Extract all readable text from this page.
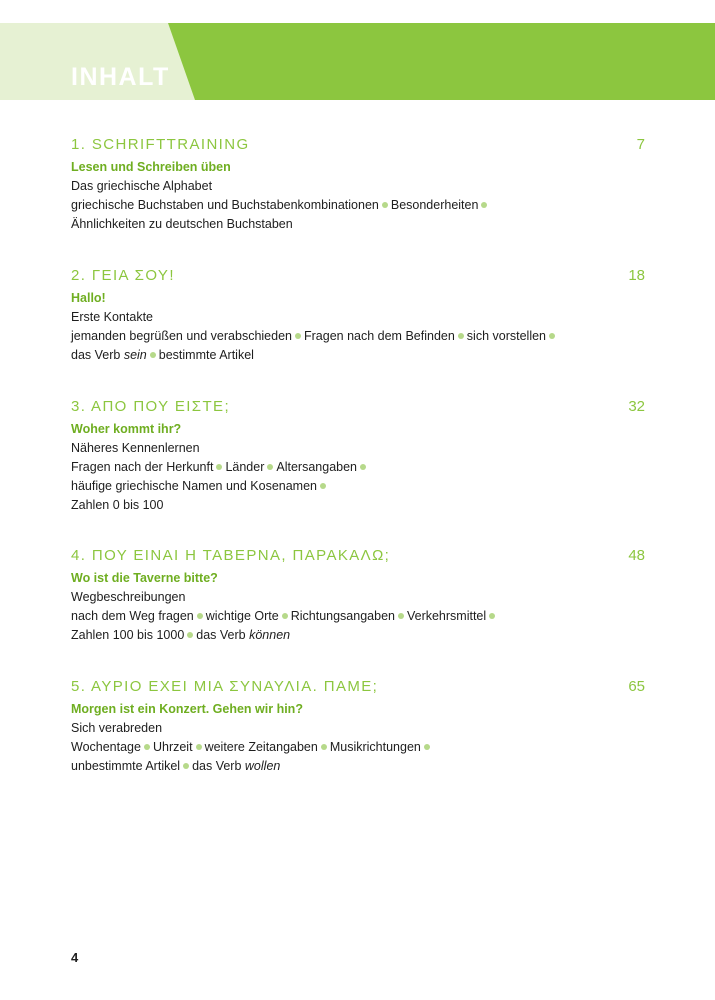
INHALT
1. SCHRIFTTRAINING	7
Lesen und Schreiben üben
Das griechische Alphabet
griechische Buchstaben und Buchstabenkombinationen Besonderheiten
Ähnlichkeiten zu deutschen Buchstaben
2. ΓΕΙΑ ΣΟΥ!	18
Hallo!
Erste Kontakte
jemanden begrüßen und verabschieden Fragen nach dem Befinden sich vorstellen
das Verb sein bestimmte Artikel
3. ΑΠΟ ΠΟΥ ΕΙΣΤΕ;	32
Woher kommt ihr?
Näheres Kennenlernen
Fragen nach der Herkunft Länder Altersangaben
häufige griechische Namen und Kosenamen
Zahlen 0 bis 100
4. ΠΟΥ ΕΙΝΑΙ Η ΤΑΒΕΡΝΑ, ΠΑΡΑΚΑΛΩ;	48
Wo ist die Taverne bitte?
Wegbeschreibungen
nach dem Weg fragen wichtige Orte Richtungsangaben Verkehrsmittel
Zahlen 100 bis 1000 das Verb können
5. ΑΥΡΙΟ ΕΧΕΙ ΜΙΑ ΣΥΝΑΥΛΙΑ. ΠΑΜΕ;	65
Morgen ist ein Konzert. Gehen wir hin?
Sich verabreden
Wochentage Uhrzeit weitere Zeitangaben Musikrichtungen
unbestimmte Artikel das Verb wollen
4
